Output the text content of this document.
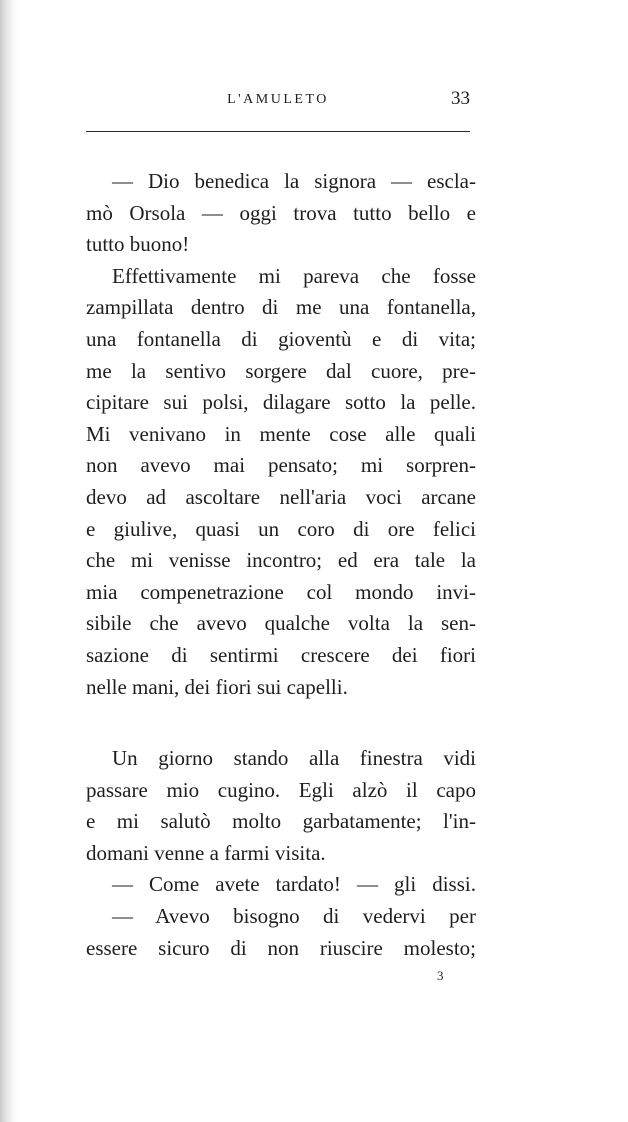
L'AMULETO	33
— Dio benedica la signora — escla-
mò Orsola — oggi trova tutto bello e
tutto buono!
Effettivamente mi pareva che fosse
zampillata dentro di me una fontanella,
una fontanella di gioventù e di vita;
me la sentivo sorgere dal cuore, pre-
cipitare sui polsi, dilagare sotto la pelle.
Mi venivano in mente cose alle quali
non avevo mai pensato; mi sorpren-
devo ad ascoltare nell'aria voci arcane
e giulive, quasi un coro di ore felici
che mi venisse incontro; ed era tale la
mia compenetrazione col mondo invi-
sibile che avevo qualche volta la sen-
sazione di sentirmi crescere dei fiori
nelle mani, dei fiori sui capelli.
Un giorno stando alla finestra vidi
passare mio cugino. Egli alzò il capo
e mi salutò molto garbatamente; l'in-
domani venne a farmi visita.
— Come avete tardato! — gli dissi.
— Avevo bisogno di vedervi per
essere sicuro di non riuscire molesto;
3
